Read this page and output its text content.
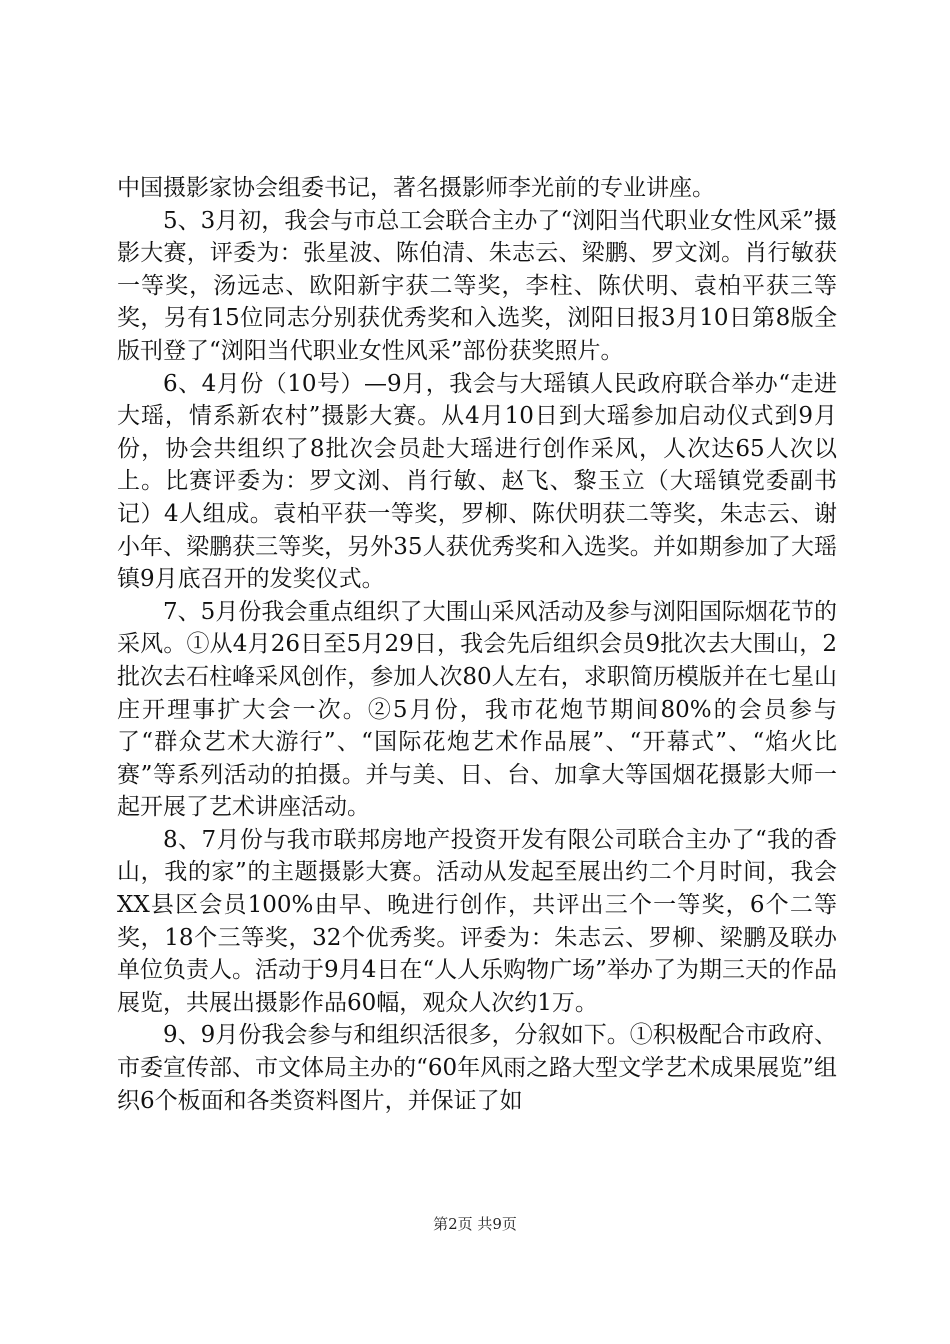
中国摄影家协会组委书记，著名摄影师李光前的专业讲座。

5、3月初，我会与市总工会联合主办了“浏阳当代职业女性风采”摄影大赛，评委为：张星波、陈伯清、朱志云、梁鹏、罗文浏。肖行敏获一等奖，汤远志、欧阳新宇获二等奖，李柱、陈伏明、袁柏平获三等奖，另有15位同志分别获优秀奖和入选奖，浏阳日报3月10日第8版全版刊登了“浏阳当代职业女性风采”部份获奖照片。

6、4月份（10号）—9月，我会与大瑶镇人民政府联合举办“走进大瑶，情系新农村”摄影大赛。从4月10日到大瑶参加启动仪式到9月份，协会共组织了8批次会员赴大瑶进行创作采风，人次达65人次以上。比赛评委为：罗文浏、肖行敏、赵飞、黎玉立（大瑶镇党委副书记）4人组成。袁柏平获一等奖，罗柳、陈伏明获二等奖，朱志云、谢小年、梁鹏获三等奖，另外35人获优秀奖和入选奖。并如期参加了大瑶镇9月底召开的发奖仪式。

7、5月份我会重点组织了大围山采风活动及参与浏阳国际烟花节的采风。①从4月26日至5月29日，我会先后组织会员9批次去大围山，2批次去石柱峰采风创作，参加人次80人左右，求职简历模版并在七星山庄开理事扩大会一次。②5月份，我市花炮节期间80%的会员参与了“群众艺术大游行”、“国际花炮艺术作品展”、“开幕式”、“焰火比赛”等系列活动的拍摄。并与美、日、台、加拿大等国烟花摄影大师一起开展了艺术讲座活动。

8、7月份与我市联邦房地产投资开发有限公司联合主办了“我的香山，我的家”的主题摄影大赛。活动从发起至展出约二个月时间，我会XX县区会员100%由早、晚进行创作，共评出三个一等奖，6个二等奖，18个三等奖，32个优秀奖。评委为：朱志云、罗柳、梁鹏及联办单位负责人。活动于9月4日在“人人乐购物广场”举办了为期三天的作品展览，共展出摄影作品60幅，观众人次约1万。

9、9月份我会参与和组织活很多，分叙如下。①积极配合市政府、市委宣传部、市文体局主办的“60年风雨之路大型文学艺术成果展览”组织6个板面和各类资料图片，并保证了如

第2页 共9页
